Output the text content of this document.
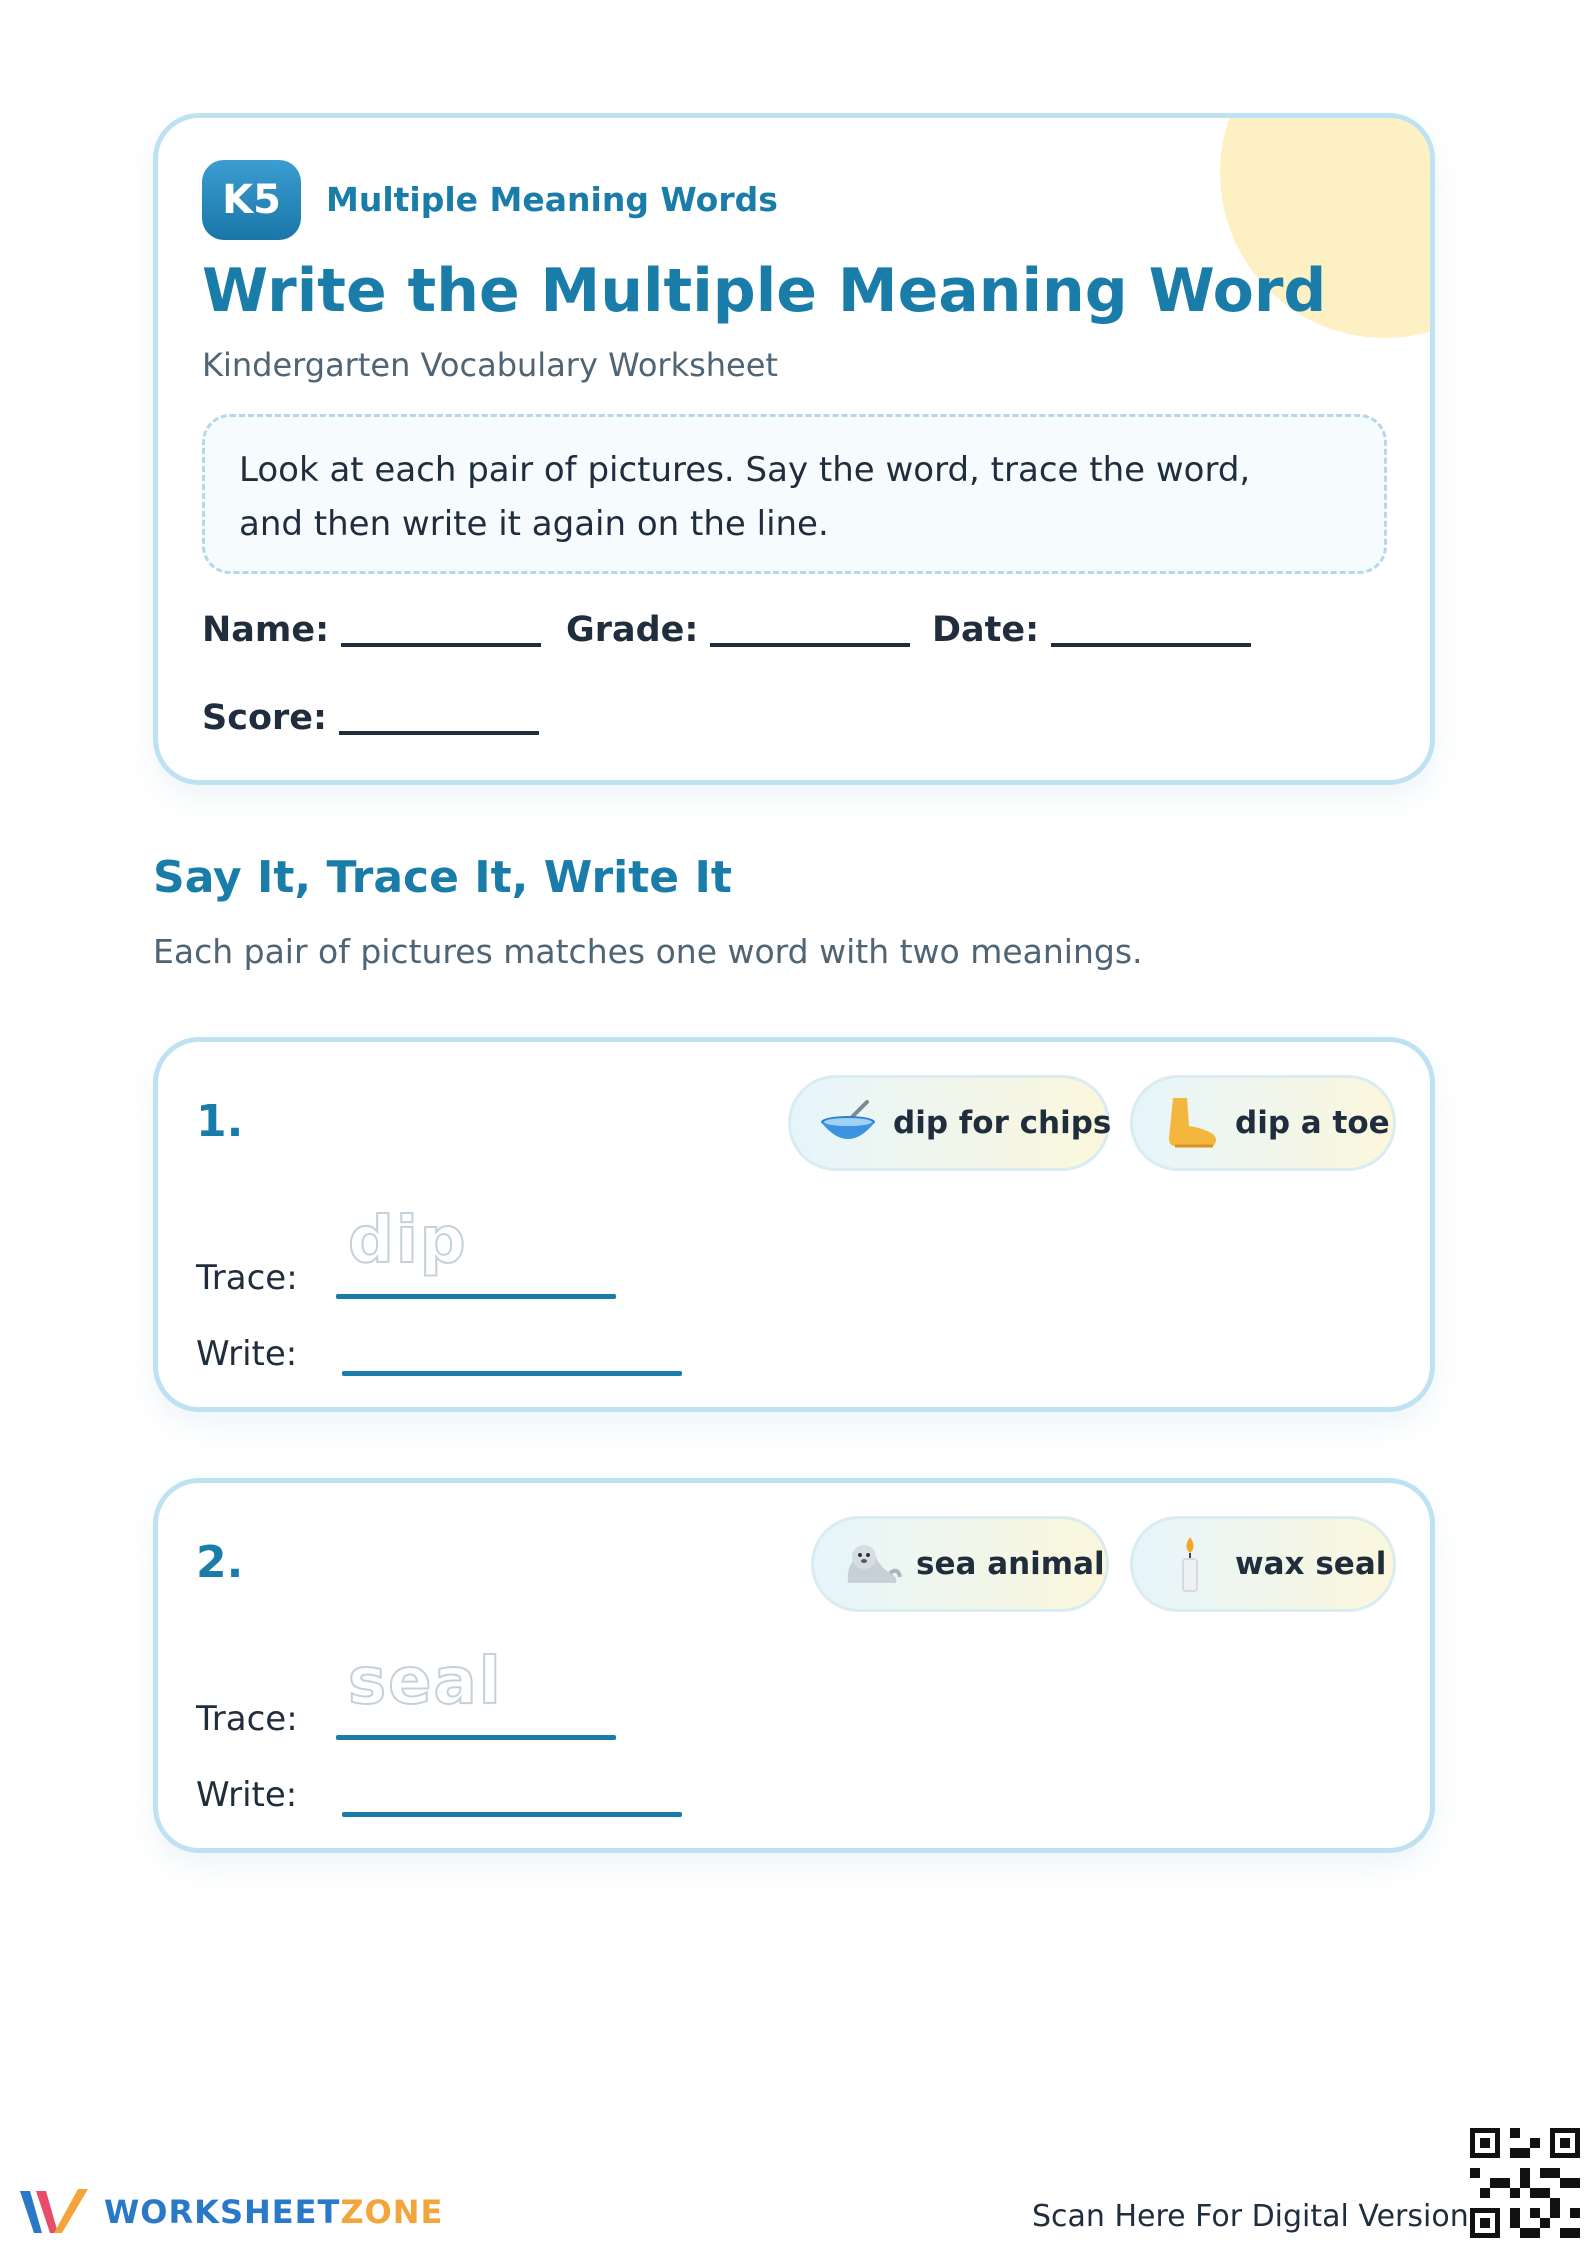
K5	Multiple Meaning Words
Write the Multiple Meaning Word
Kindergarten Vocabulary Worksheet
Look at each pair of pictures. Say the word, trace the word,
and then write it again on the line.
Name:	Grade:	Date:
Score:
Say It, Trace It, Write It
Each pair of pictures matches one word with two meanings.
1.	dip for chips	dip a toe
Trace: dip
Write:
2.	sea animal	wax seal
Trace: seal
Write:
WORKSHEETZONE	Scan Here For Digital Version
